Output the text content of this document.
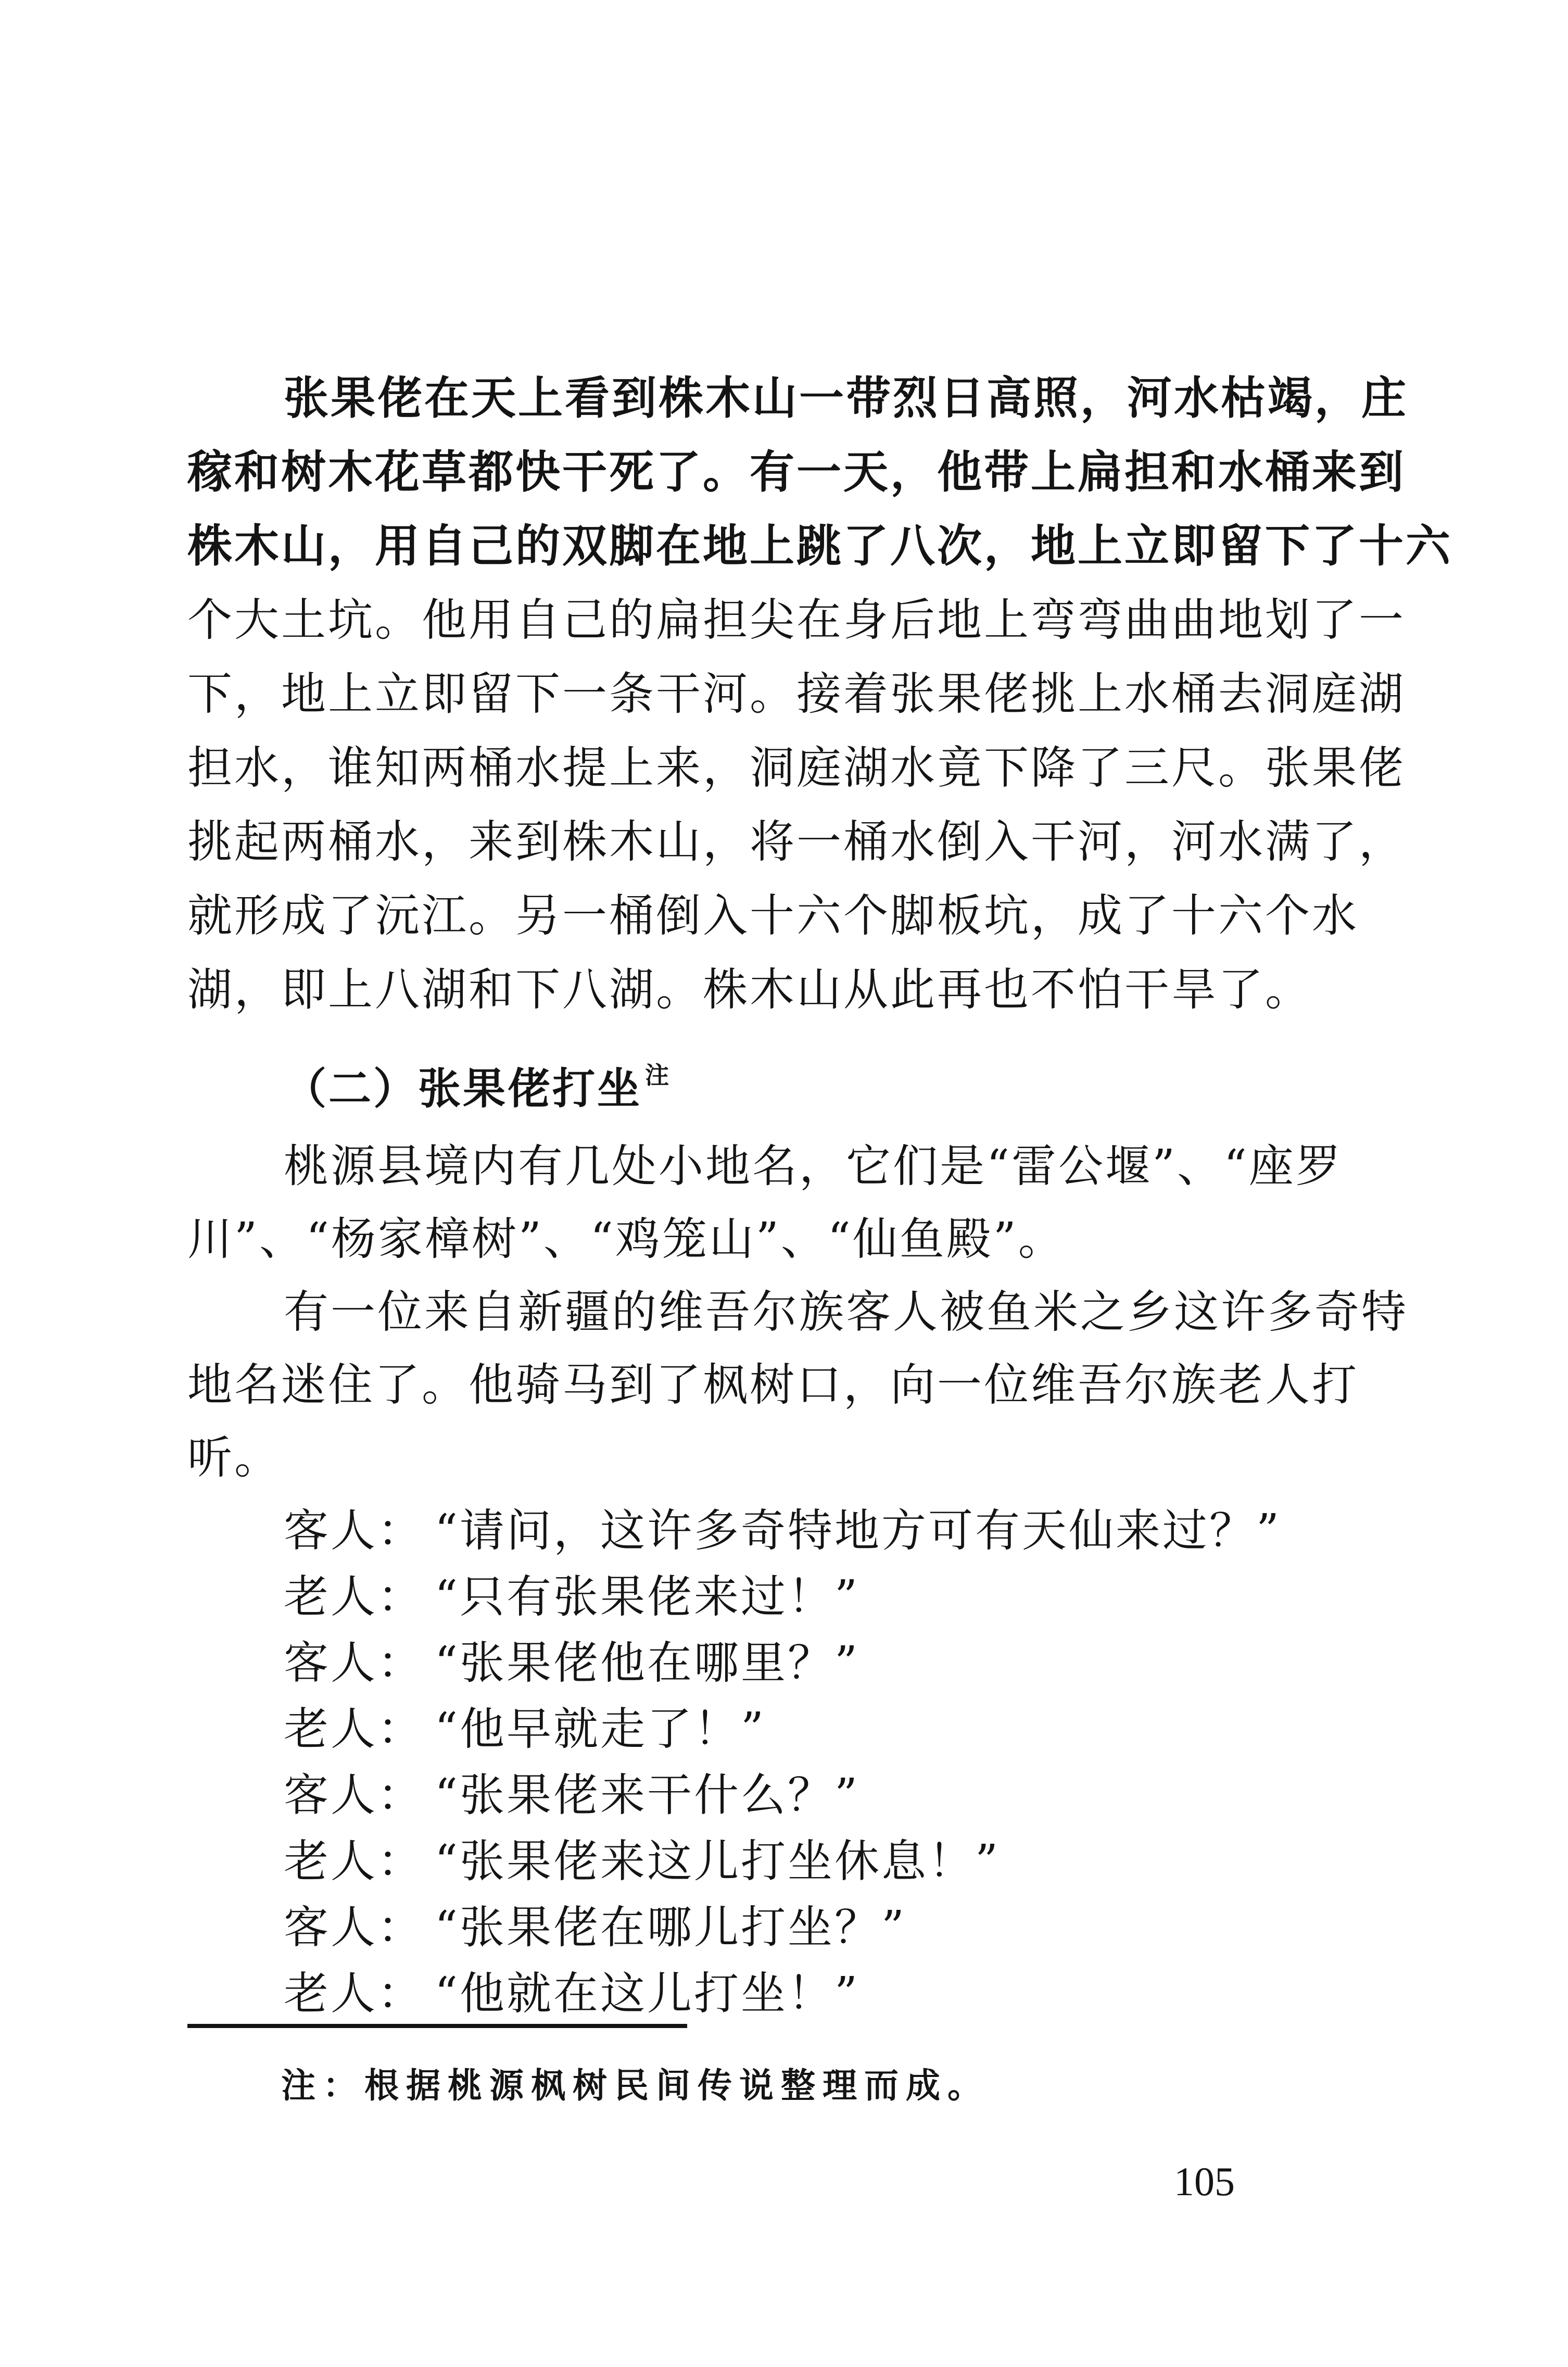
张果佬在天上看到株木山一带烈日高照，河水枯竭，庄
稼和树木花草都快干死了。有一天，他带上扁担和水桶来到
株木山，用自己的双脚在地上跳了八次，地上立即留下了十六
个大土坑。他用自己的扁担尖在身后地上弯弯曲曲地划了一
下，地上立即留下一条干河。接着张果佬挑上水桶去洞庭湖
担水，谁知两桶水提上来，洞庭湖水竟下降了三尺。张果佬
挑起两桶水，来到株木山，将一桶水倒入干河，河水满了，
就形成了沅江。另一桶倒入十六个脚板坑，成了十六个水
湖，即上八湖和下八湖。株木山从此再也不怕干旱了。
（二）张果佬打坐 $^注$
桃源县境内有几处小地名，它们是“雷公堰”、“座罗
川”、“杨家樟树”、“鸡笼山”、“仙鱼殿”。
有一位来自新疆的维吾尔族客人被鱼米之乡这许多奇特
地名迷住了。他骑马到了枫树口，向一位维吾尔族老人打
听。
客人： “请问，这许多奇特地方可有天仙来过？”
老人： “只有张果佬来过！”
客人： “张果佬他在哪里？”
老人： “他早就走了！”
客人： “张果佬来干什么？”
老人： “张果佬来这儿打坐休息！”
客人： “张果佬在哪儿打坐？”
老人： “他就在这儿打坐！”
注：根据桃源枫树民间传说整理而成。
105
